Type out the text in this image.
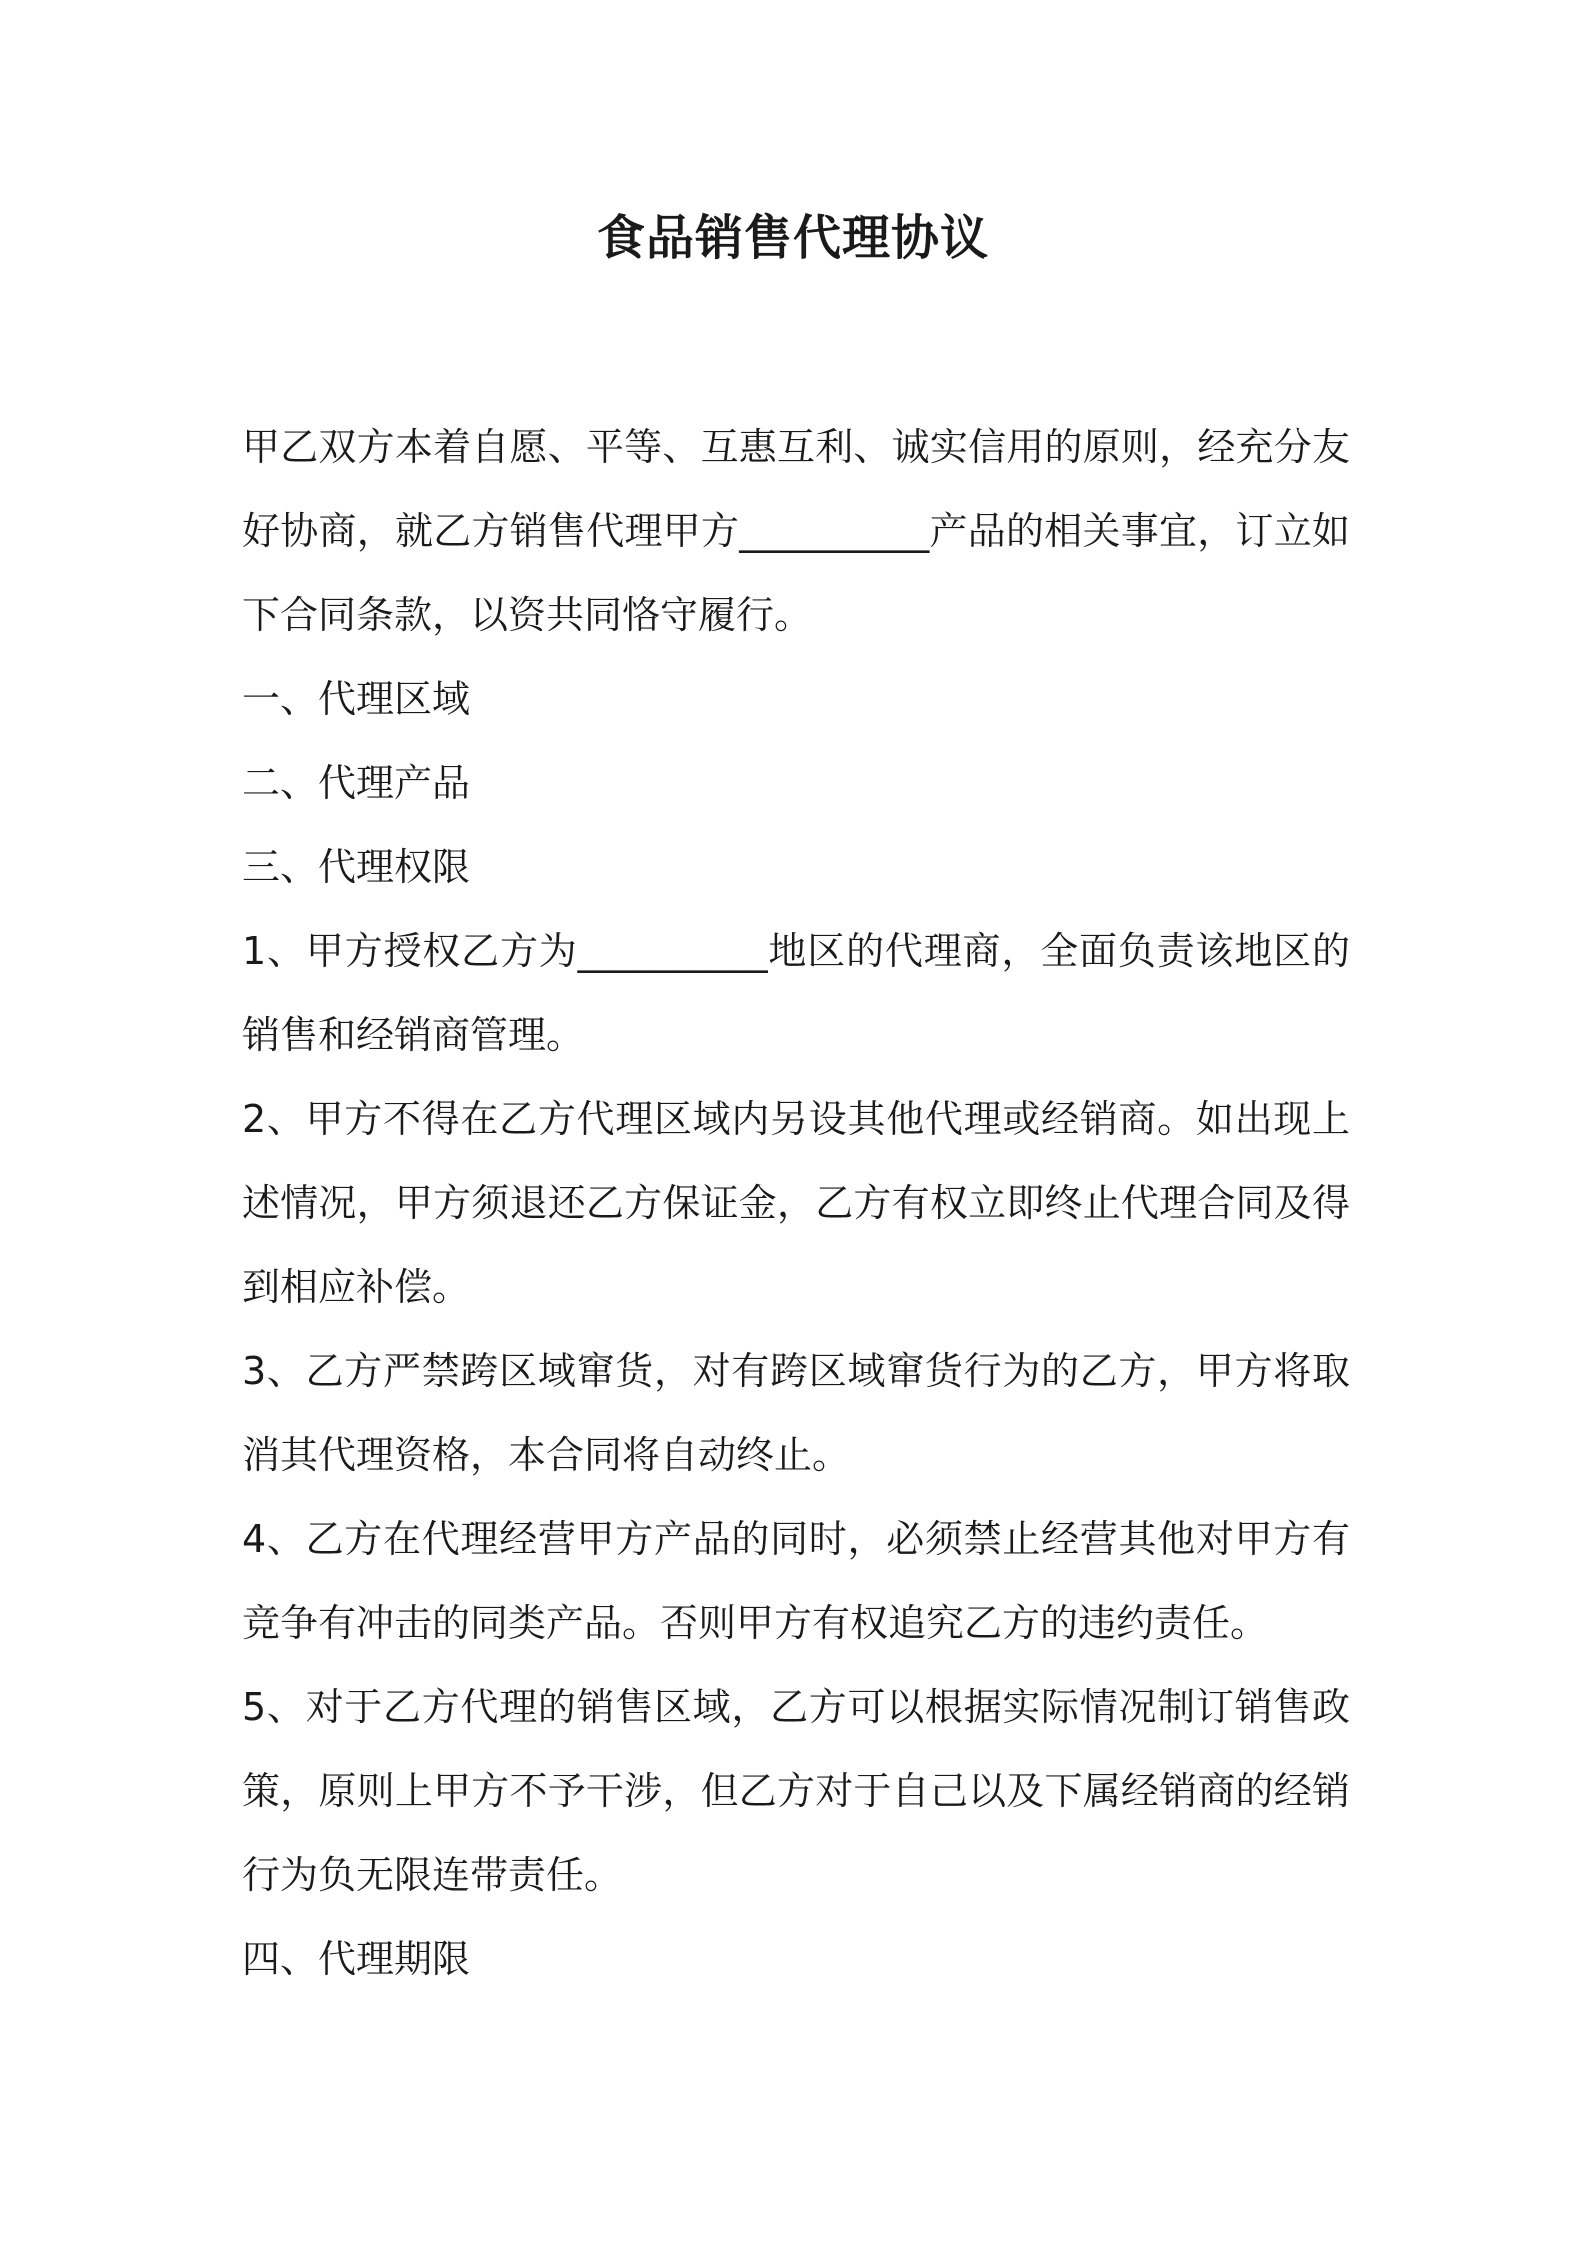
食品销售代理协议

甲乙双方本着自愿、平等、互惠互利、诚实信用的原则，经充分友好协商，就乙方销售代理甲方__________产品的相关事宜，订立如下合同条款，以资共同恪守履行。

一、代理区域

二、代理产品

三、代理权限

1、甲方授权乙方为__________地区的代理商，全面负责该地区的销售和经销商管理。

2、甲方不得在乙方代理区域内另设其他代理或经销商。如出现上述情况，甲方须退还乙方保证金，乙方有权立即终止代理合同及得到相应补偿。

3、乙方严禁跨区域窜货，对有跨区域窜货行为的乙方，甲方将取消其代理资格，本合同将自动终止。

4、乙方在代理经营甲方产品的同时，必须禁止经营其他对甲方有竞争有冲击的同类产品。否则甲方有权追究乙方的违约责任。

5、对于乙方代理的销售区域，乙方可以根据实际情况制订销售政策，原则上甲方不予干涉，但乙方对于自己以及下属经销商的经销行为负无限连带责任。

四、代理期限
